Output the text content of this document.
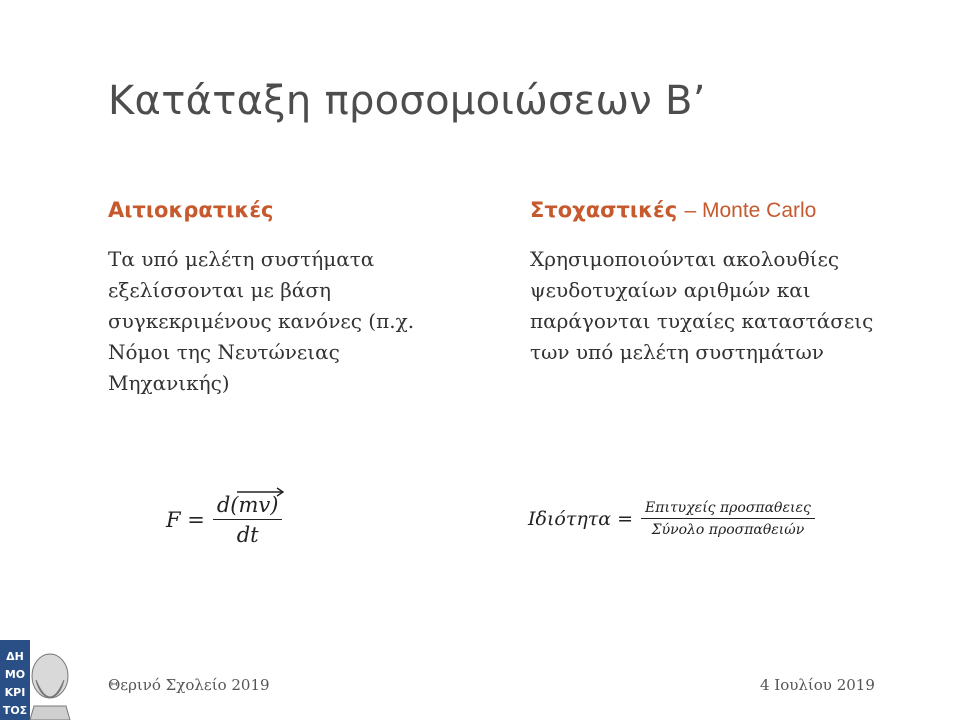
Κατάταξη προσομοιώσεων Β’
Αιτιοκρατικές
Τα υπό μελέτη συστήματα εξελίσσονται με βάση συγκεκριμένους κανόνες (π.χ. Νόμοι της Νευτώνειας Μηχανικής)
Στοχαστικές – Monte Carlo
Χρησιμοποιούνται ακολουθίες ψευδοτυχαίων αριθμών και παράγονται τυχαίες καταστάσεις των υπό μελέτη συστημάτων
$F = \frac{d(mv)}{dt}$	$I\delta\iota ό\tau\eta\tau\alpha = \frac{\text{Επιτυχείς προσπαθειες}}{\text{Σύνολο προσπαθειών}}$
ΔΗ
ΜΟ
ΚΡΙ
ΤΟΣ
Θερινό Σχολείο 2019	4 Ιουλίου 2019
